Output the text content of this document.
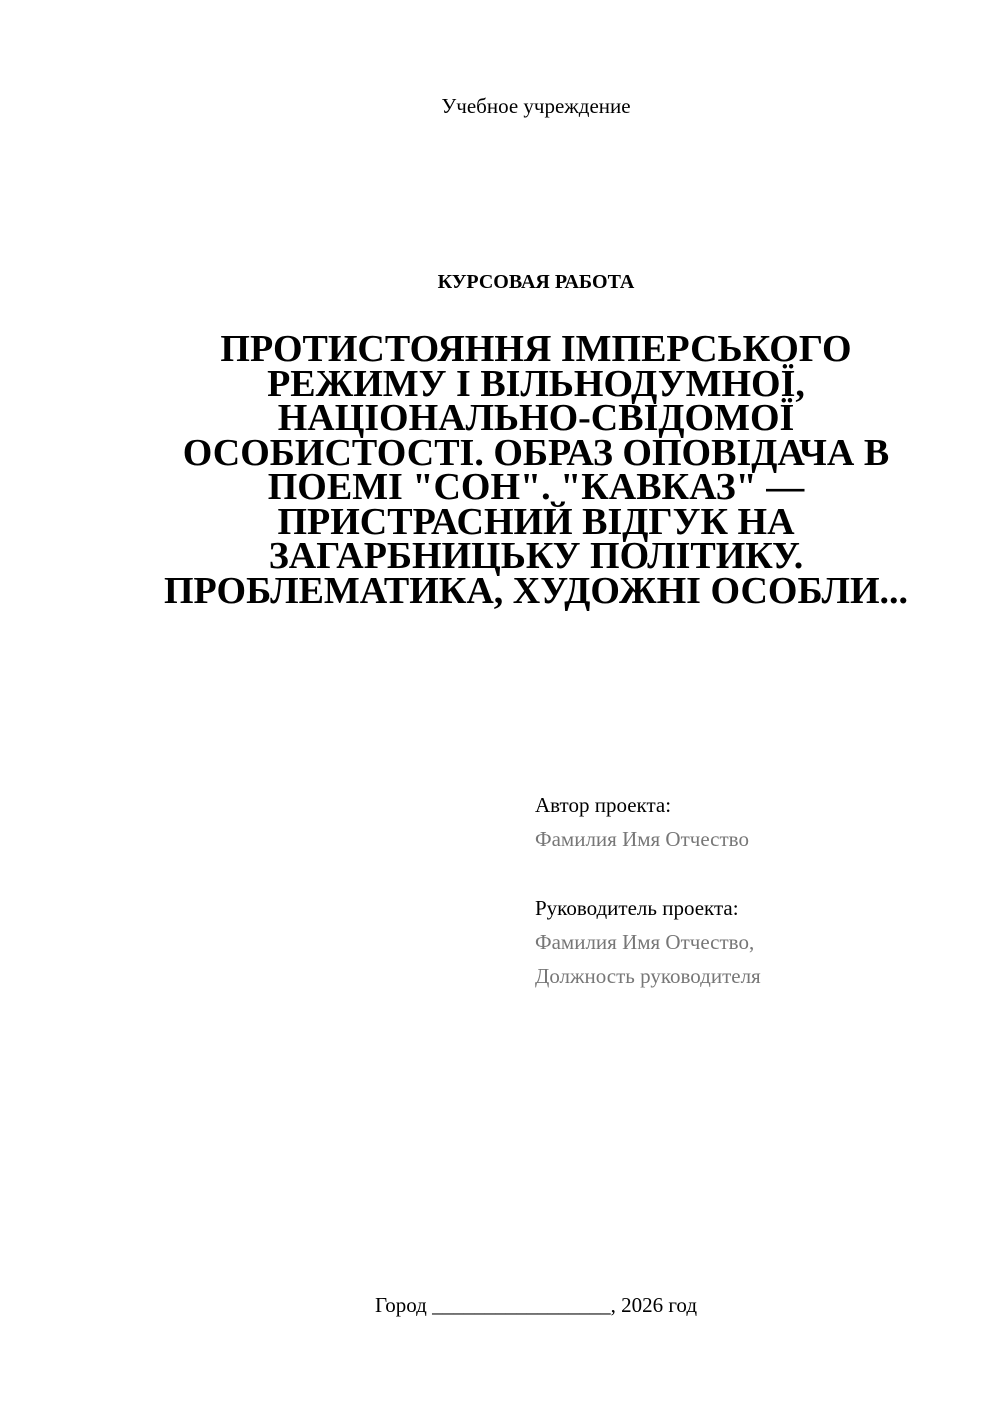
Учебное учреждение
КУРСОВАЯ РАБОТА
ПРОТИСТОЯННЯ ІМПЕРСЬКОГО РЕЖИМУ І ВІЛЬНОДУМНОЇ, НАЦІОНАЛЬНО-СВІДОМОЇ ОСОБИСТОСТІ. ОБРАЗ ОПОВІДАЧА В ПОЕМІ "СОН". "КАВКАЗ" — ПРИСТРАСНИЙ ВІДГУК НА ЗАГАРБНИЦЬКУ ПОЛІТИКУ. ПРОБЛЕМАТИКА, ХУДОЖНІ ОСОБЛИ...
Автор проекта:
Фамилия Имя Отчество
Руководитель проекта:
Фамилия Имя Отчество,
Должность руководителя
Город _________________, 2026 год
